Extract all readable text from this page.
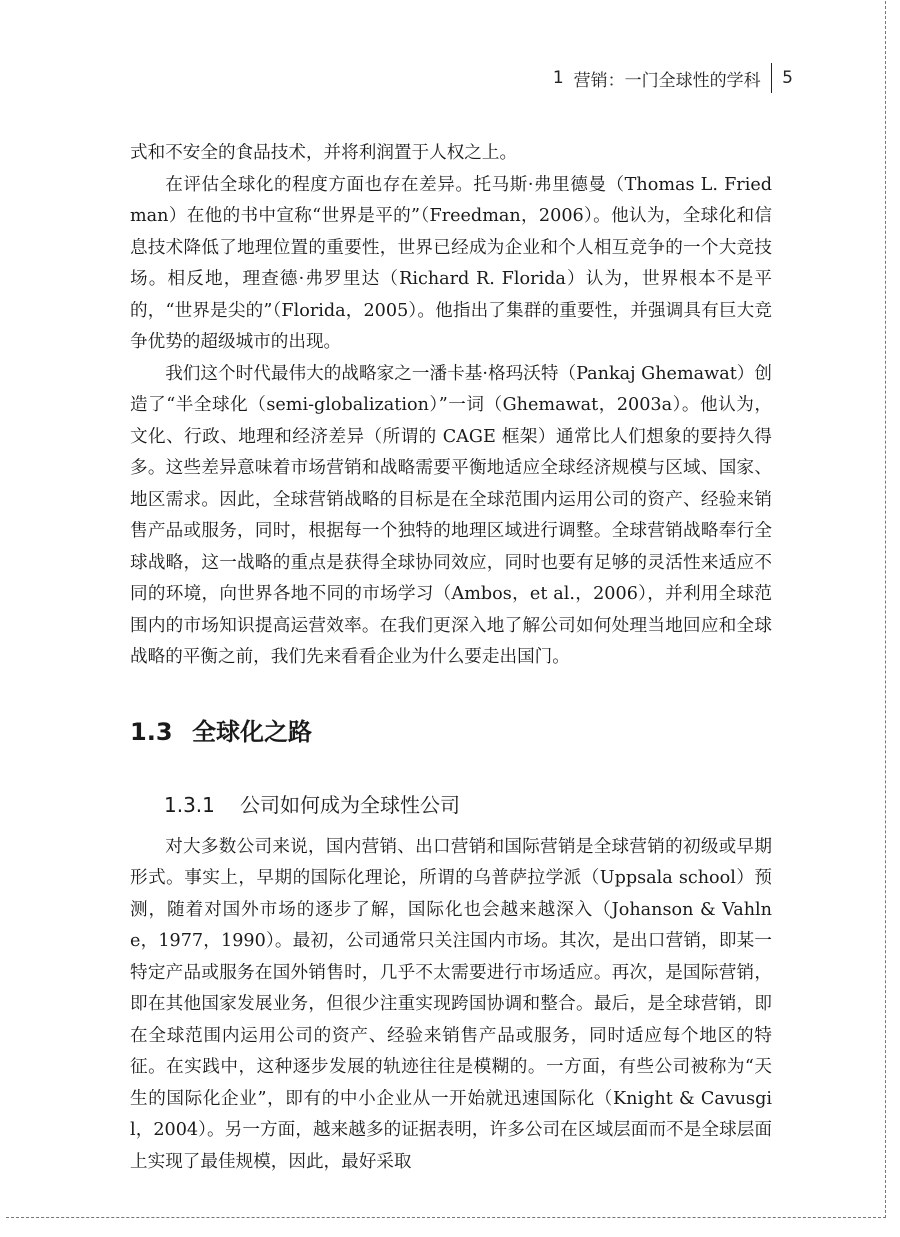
1 营销：一门全球性的学科 5

式和不安全的食品技术，并将利润置于人权之上。

在评估全球化的程度方面也存在差异。托马斯·弗里德曼（Thomas L. Friedman）在他的书中宣称“世界是平的”（Freedman，2006）。他认为，全球化和信息技术降低了地理位置的重要性，世界已经成为企业和个人相互竞争的一个大竞技场。相反地，理查德·弗罗里达（Richard R. Florida）认为，世界根本不是平的，“世界是尖的”（Florida，2005）。他指出了集群的重要性，并强调具有巨大竞争优势的超级城市的出现。

我们这个时代最伟大的战略家之一潘卡基·格玛沃特（Pankaj Ghemawat）创造了“半全球化（semi-globalization）”一词（Ghemawat，2003a）。他认为，文化、行政、地理和经济差异（所谓的 CAGE 框架）通常比人们想象的要持久得多。这些差异意味着市场营销和战略需要平衡地适应全球经济规模与区域、国家、地区需求。因此，全球营销战略的目标是在全球范围内运用公司的资产、经验来销售产品或服务，同时，根据每一个独特的地理区域进行调整。全球营销战略奉行全球战略，这一战略的重点是获得全球协同效应，同时也要有足够的灵活性来适应不同的环境，向世界各地不同的市场学习（Ambos，et al.，2006），并利用全球范围内的市场知识提高运营效率。在我们更深入地了解公司如何处理当地回应和全球战略的平衡之前，我们先来看看企业为什么要走出国门。

1.3 全球化之路
1.3.1	公司如何成为全球性公司

对大多数公司来说，国内营销、出口营销和国际营销是全球营销的初级或早期形式。事实上，早期的国际化理论，所谓的乌普萨拉学派（Uppsala school）预测，随着对国外市场的逐步了解，国际化也会越来越深入（Johanson & Vahlne，1977，1990）。最初，公司通常只关注国内市场。其次，是出口营销，即某一特定产品或服务在国外销售时，几乎不太需要进行市场适应。再次，是国际营销，即在其他国家发展业务，但很少注重实现跨国协调和整合。最后，是全球营销，即在全球范围内运用公司的资产、经验来销售产品或服务，同时适应每个地区的特征。在实践中，这种逐步发展的轨迹往往是模糊的。一方面，有些公司被称为“天生的国际化企业”，即有的中小企业从一开始就迅速国际化（Knight & Cavusgil，2004）。另一方面，越来越多的证据表明，许多公司在区域层面而不是全球层面上实现了最佳规模，因此，最好采取
